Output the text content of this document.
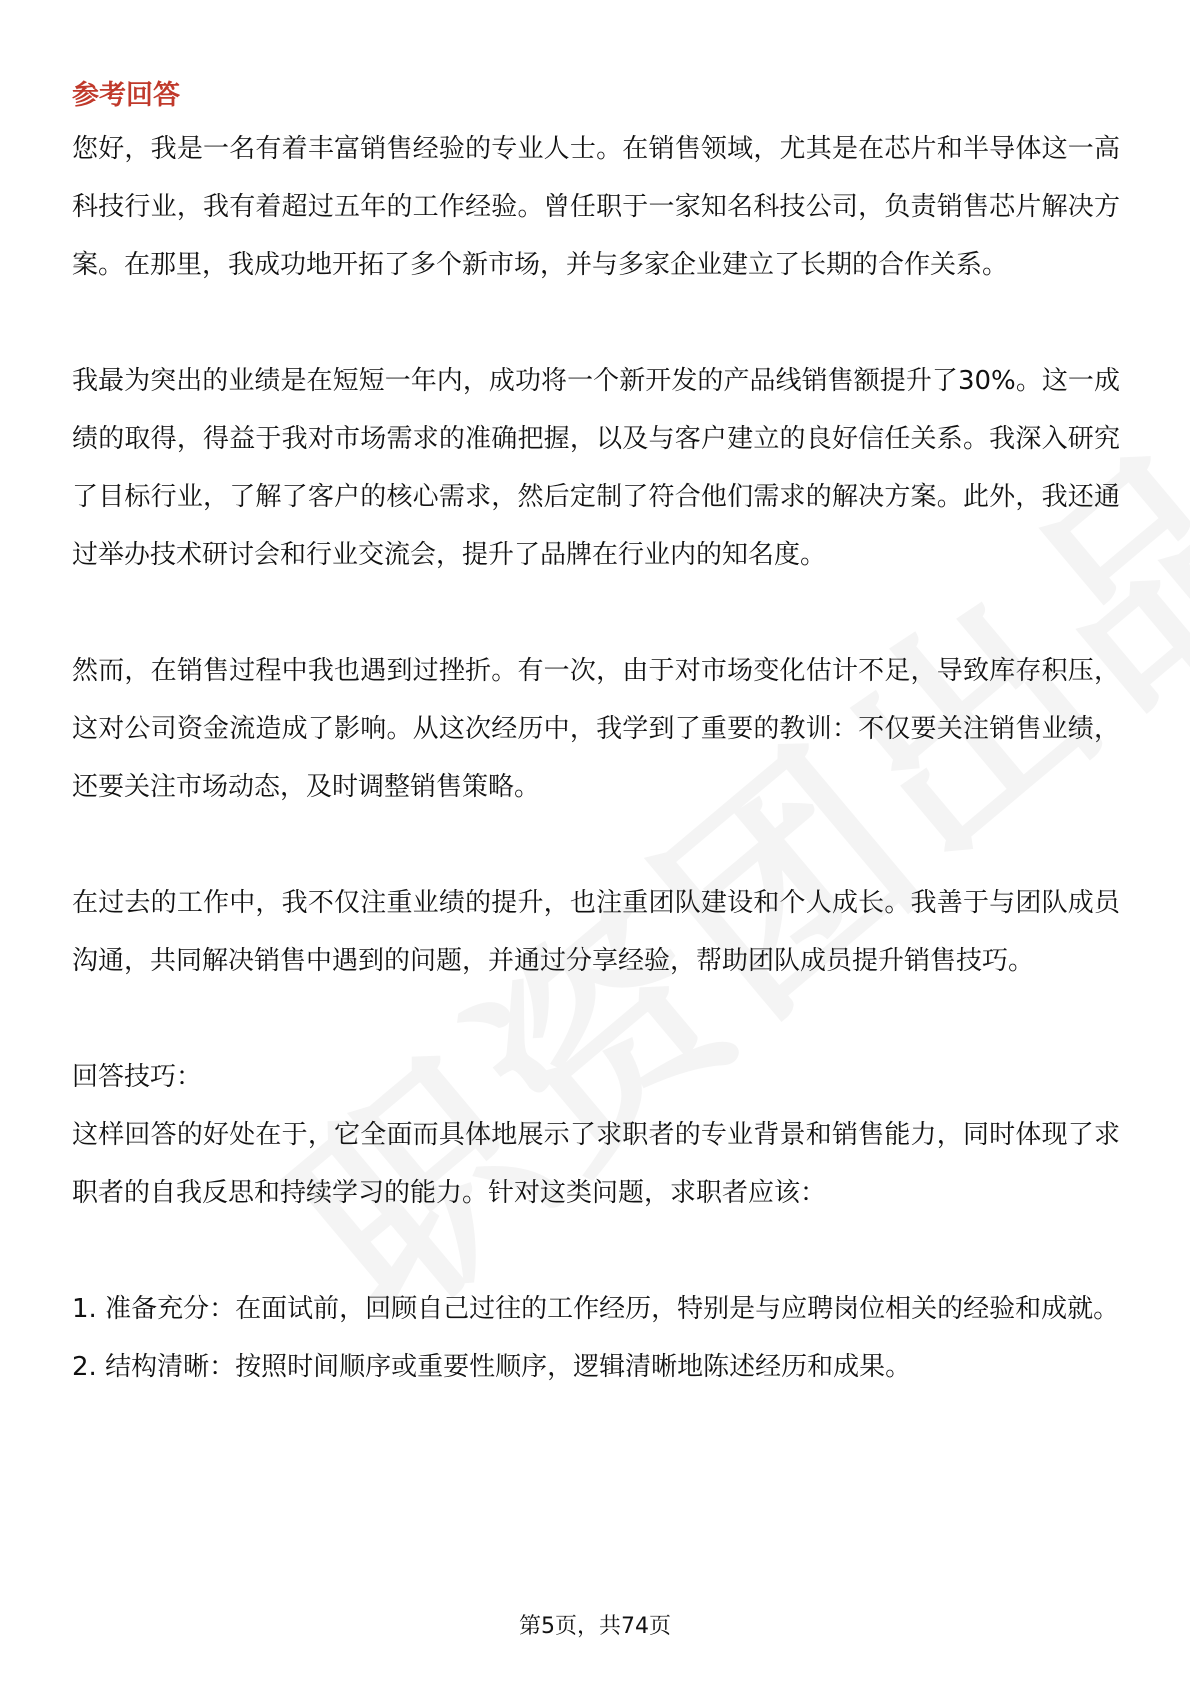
参考回答

您好，我是一名有着丰富销售经验的专业人士。在销售领域，尤其是在芯片和半导体这一高科技行业，我有着超过五年的工作经验。曾任职于一家知名科技公司，负责销售芯片解决方案。在那里，我成功地开拓了多个新市场，并与多家企业建立了长期的合作关系。

我最为突出的业绩是在短短一年内，成功将一个新开发的产品线销售额提升了30%。这一成绩的取得，得益于我对市场需求的准确把握，以及与客户建立的良好信任关系。我深入研究了目标行业，了解了客户的核心需求，然后定制了符合他们需求的解决方案。此外，我还通过举办技术研讨会和行业交流会，提升了品牌在行业内的知名度。

然而，在销售过程中我也遇到过挫折。有一次，由于对市场变化估计不足，导致库存积压，这对公司资金流造成了影响。从这次经历中，我学到了重要的教训：不仅要关注销售业绩，还要关注市场动态，及时调整销售策略。

在过去的工作中，我不仅注重业绩的提升，也注重团队建设和个人成长。我善于与团队成员沟通，共同解决销售中遇到的问题，并通过分享经验，帮助团队成员提升销售技巧。

回答技巧：

这样回答的好处在于，它全面而具体地展示了求职者的专业背景和销售能力，同时体现了求职者的自我反思和持续学习的能力。针对这类问题，求职者应该：

1. 准备充分：在面试前，回顾自己过往的工作经历，特别是与应聘岗位相关的经验和成就。

2. 结构清晰：按照时间顺序或重要性顺序，逻辑清晰地陈述经历和成果。

第5页，共74页
